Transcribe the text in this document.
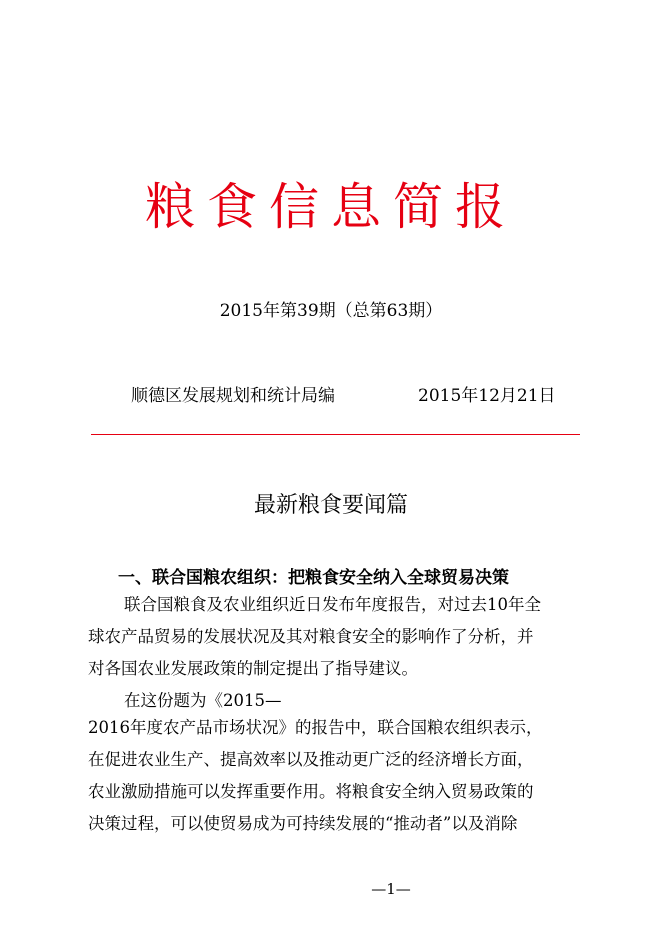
粮食信息简报
2015年第39期（总第63期）
顺德区发展规划和统计局编	2015年12月21日
最新粮食要闻篇
一、联合国粮农组织：把粮食安全纳入全球贸易决策
联合国粮食及农业组织近日发布年度报告，对过去10年全
球农产品贸易的发展状况及其对粮食安全的影响作了分析，并
对各国农业发展政策的制定提出了指导建议。
在这份题为《2015—
2016年度农产品市场状况》的报告中，联合国粮农组织表示，
在促进农业生产、提高效率以及推动更广泛的经济增长方面，
农业激励措施可以发挥重要作用。将粮食安全纳入贸易政策的
决策过程，可以使贸易成为可持续发展的“推动者”以及消除
—1—
